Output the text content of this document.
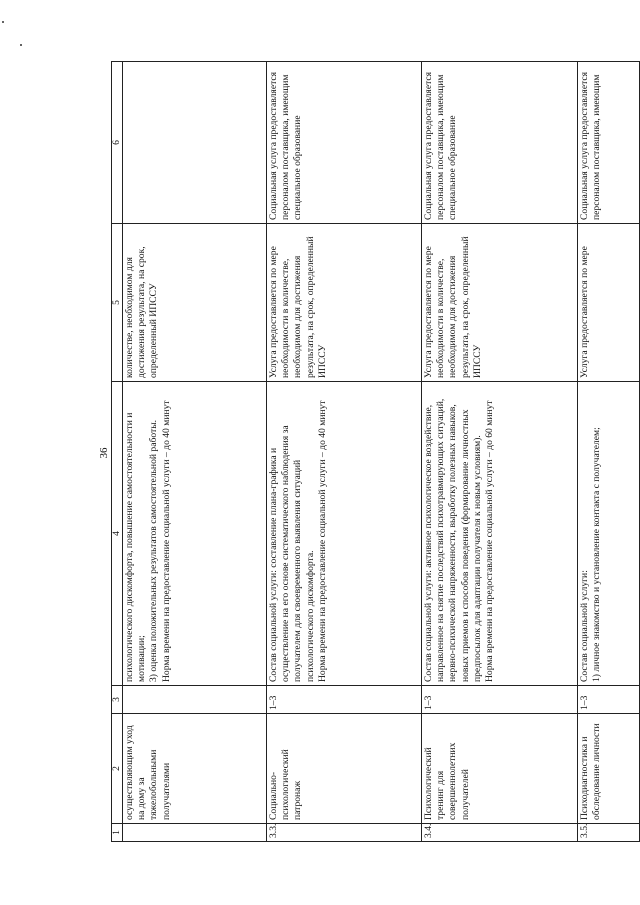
36
1	2	3	4	5	6
	осуществляющим уход на дому за тяжелобольными получателями		психологического дискомфорта, повышение самостоятельности и мотивации;
3) оценка положительных результатов самостоятельной работы.
Норма времени на предоставление социальной услуги – до 40 минут	количестве, необходимом для достижения результата, на срок, определенный ИПССУ	
3.3.	Социально-психологический патронаж	1–3	Состав социальной услуги: составление плана-графика и осуществление на его основе систематического наблюдения за получателем для своевременного выявления ситуаций психологического дискомфорта.
Норма времени на предоставление социальной услуги – до 40 минут	Услуга предоставляется по мере необходимости в количестве, необходимом для достижения результата, на срок, определенный ИПССУ	Социальная услуга предоставляется персоналом поставщика, имеющим специальное образование
3.4.	Психологический тренинг для совершеннолетних получателей	1–3	Состав социальной услуги: активное психологическое воздействие, направленное на снятие последствий психотравмирующих ситуаций, нервно-психической напряженности, выработку полезных навыков, новых приемов и способов поведения (формирование личностных предпосылок для адаптации получателя к новым условиям).
Норма времени на предоставление социальной услуги – до 60 минут	Услуга предоставляется по мере необходимости в количестве, необходимом для достижения результата, на срок, определенный ИПССУ	Социальная услуга предоставляется персоналом поставщика, имеющим специальное образование
3.5.	Психодиагностика и обследование личности	1–3	Состав социальной услуги:
1) личное знакомство и установление контакта с получателем;	Услуга предоставляется по мере	Социальная услуга предоставляется персоналом поставщика, имеющим
